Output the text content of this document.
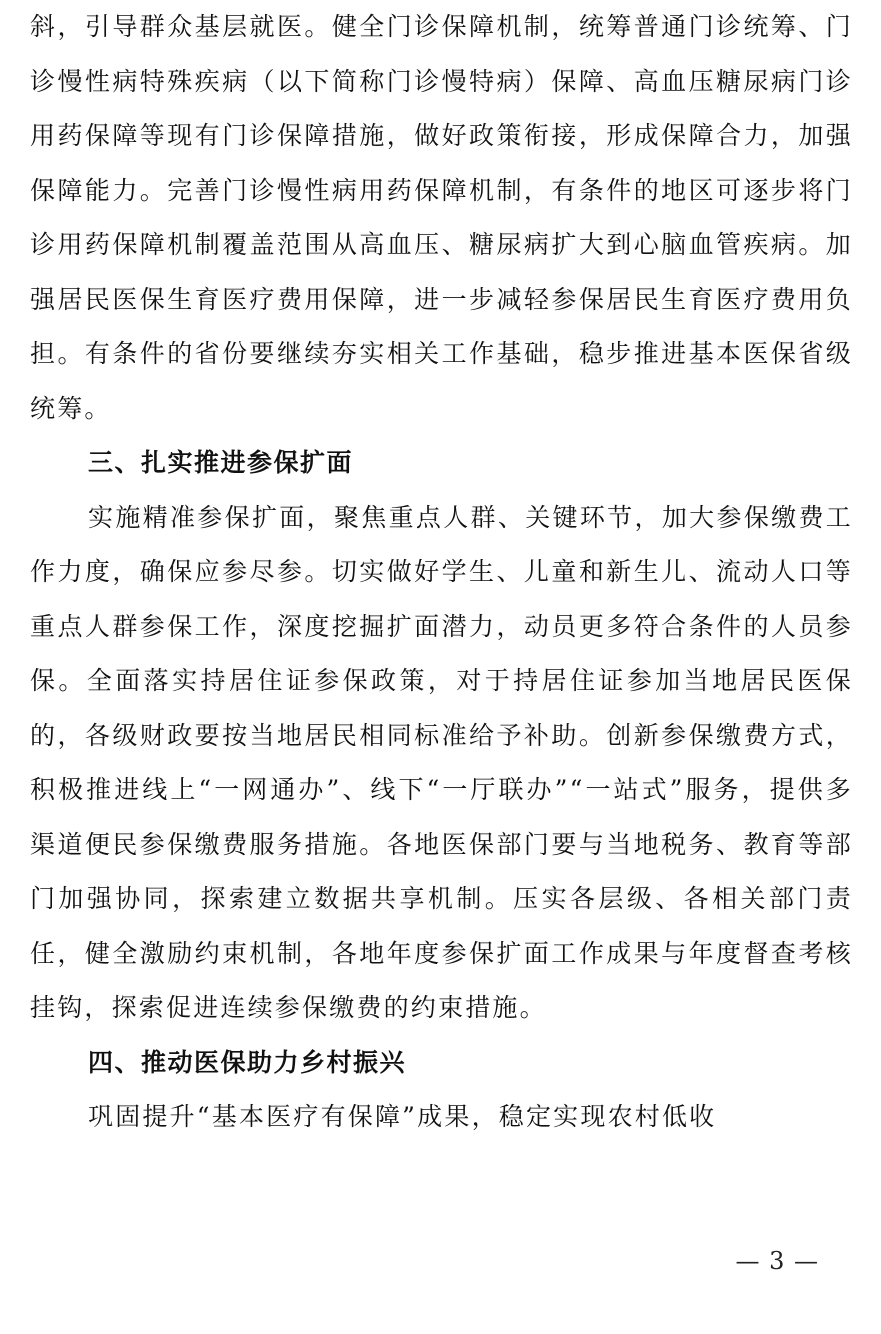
斜，引导群众基层就医。健全门诊保障机制，统筹普通门诊统筹、门诊慢性病特殊疾病（以下简称门诊慢特病）保障、高血压糖尿病门诊用药保障等现有门诊保障措施，做好政策衔接，形成保障合力，加强保障能力。完善门诊慢性病用药保障机制，有条件的地区可逐步将门诊用药保障机制覆盖范围从高血压、糖尿病扩大到心脑血管疾病。加强居民医保生育医疗费用保障，进一步减轻参保居民生育医疗费用负担。有条件的省份要继续夯实相关工作基础，稳步推进基本医保省级统筹。

三、扎实推进参保扩面

实施精准参保扩面，聚焦重点人群、关键环节，加大参保缴费工作力度，确保应参尽参。切实做好学生、儿童和新生儿、流动人口等重点人群参保工作，深度挖掘扩面潜力，动员更多符合条件的人员参保。全面落实持居住证参保政策，对于持居住证参加当地居民医保的，各级财政要按当地居民相同标准给予补助。创新参保缴费方式，积极推进线上“一网通办”、线下“一厅联办”“一站式”服务，提供多渠道便民参保缴费服务措施。各地医保部门要与当地税务、教育等部门加强协同，探索建立数据共享机制。压实各层级、各相关部门责任，健全激励约束机制，各地年度参保扩面工作成果与年度督查考核挂钩，探索促进连续参保缴费的约束措施。

四、推动医保助力乡村振兴

巩固提升“基本医疗有保障”成果，稳定实现农村低收

— 3 —
